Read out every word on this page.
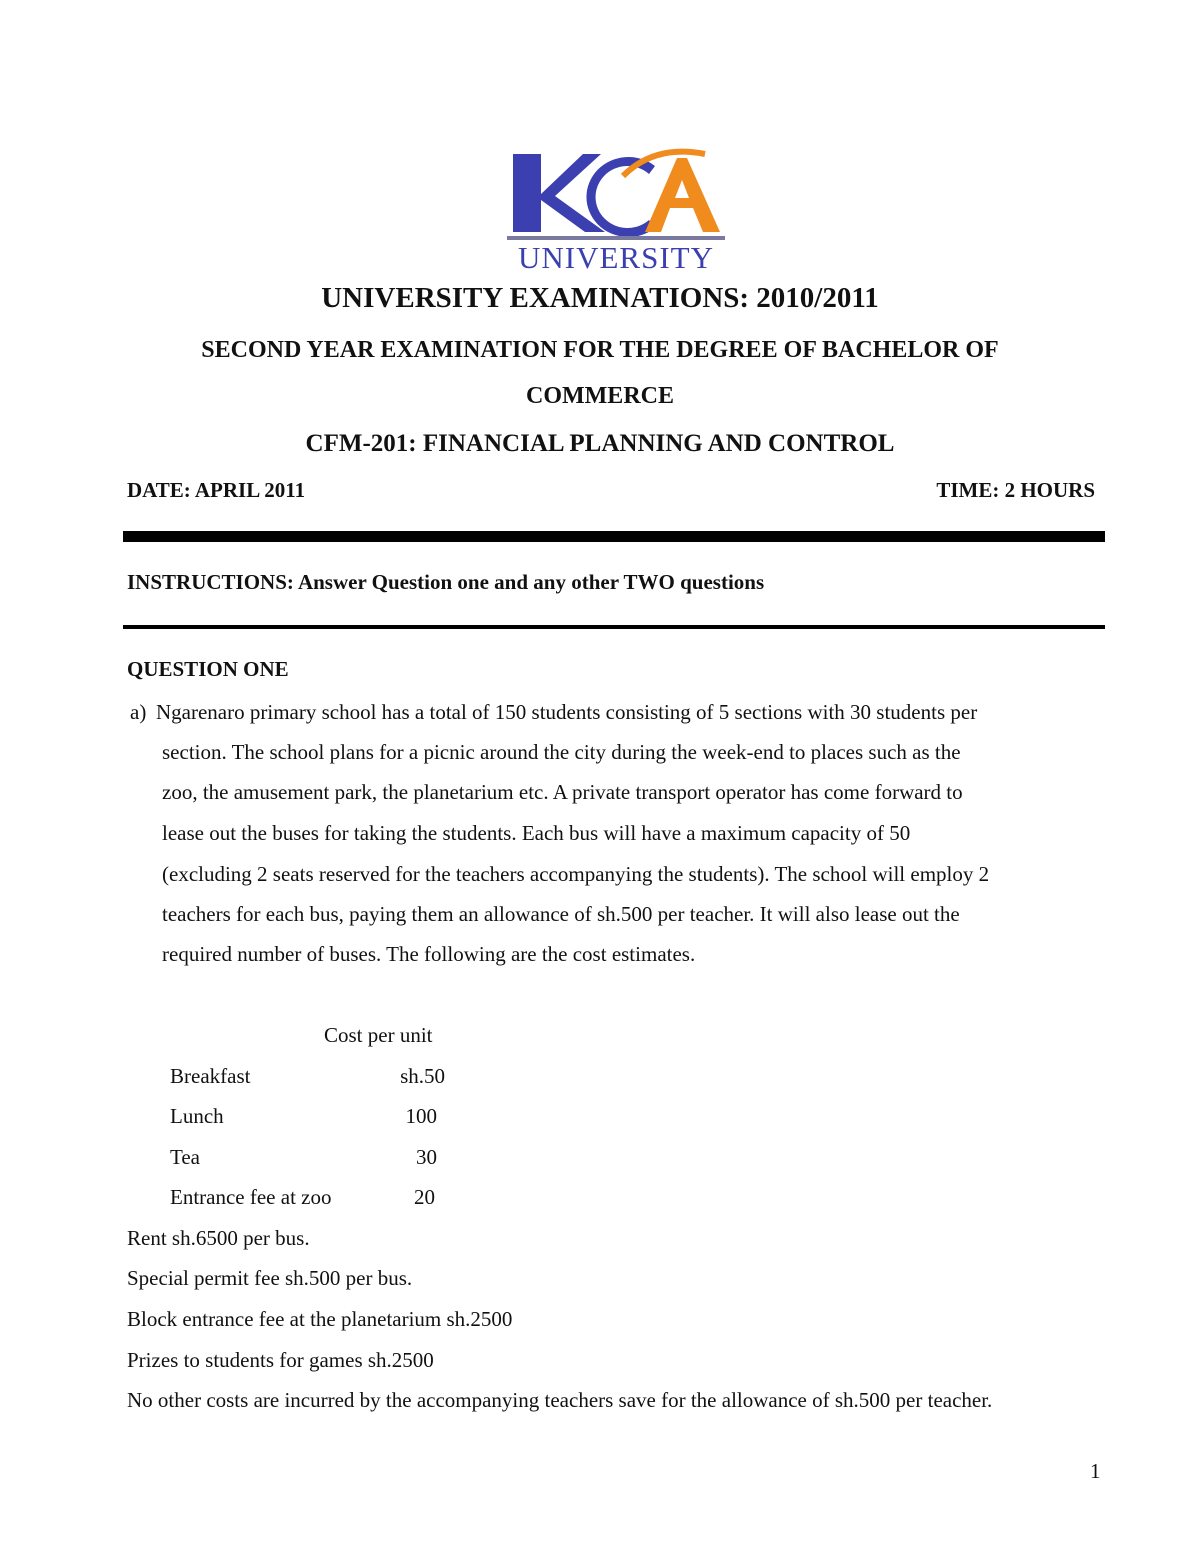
UNIVERSITY
UNIVERSITY EXAMINATIONS: 2010/2011
SECOND YEAR EXAMINATION FOR THE DEGREE OF BACHELOR OF
COMMERCE
CFM-201: FINANCIAL PLANNING AND CONTROL
DATE: APRIL 2011	TIME: 2 HOURS
INSTRUCTIONS: Answer Question one and any other TWO questions
QUESTION ONE
a) Ngarenaro primary school has a total of 150 students consisting of 5 sections with 30 students per
section. The school plans for a picnic around the city during the week-end to places such as the
zoo, the amusement park, the planetarium etc. A private transport operator has come forward to
lease out the buses for taking the students. Each bus will have a maximum capacity of 50
(excluding 2 seats reserved for the teachers accompanying the students). The school will employ 2
teachers for each bus, paying them an allowance of sh.500 per teacher. It will also lease out the
required number of buses. The following are the cost estimates.
Cost per unit
Breakfast	sh.50
Lunch	100
Tea	30
Entrance fee at zoo	20
Rent sh.6500 per bus.
Special permit fee sh.500 per bus.
Block entrance fee at the planetarium sh.2500
Prizes to students for games sh.2500
No other costs are incurred by the accompanying teachers save for the allowance of sh.500 per teacher.
1
